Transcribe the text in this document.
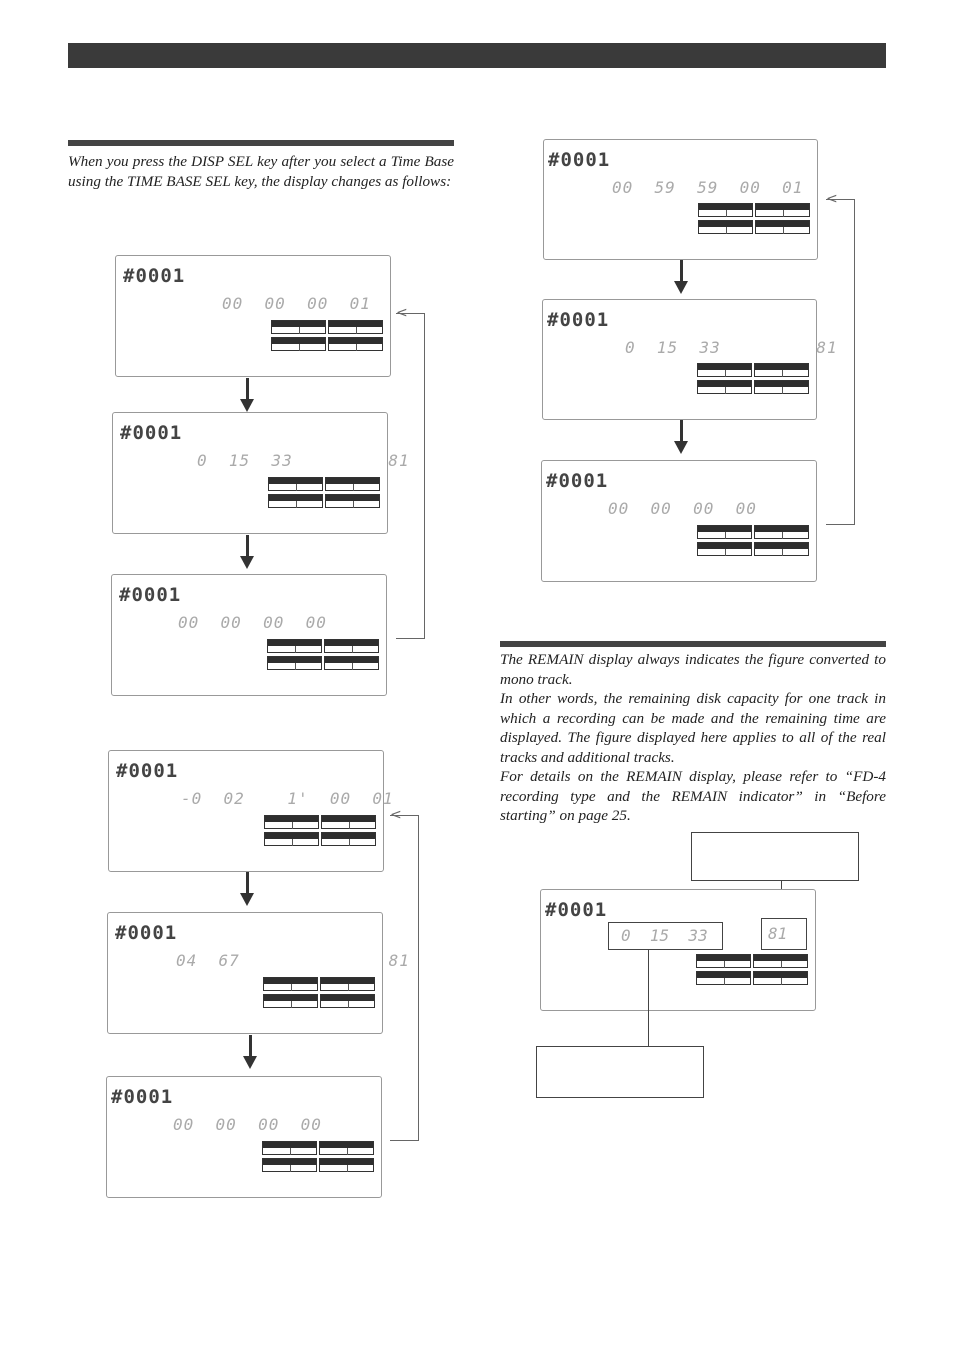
When you press the DISP SEL key after you select a Time Base using the TIME BASE SEL key, the display changes as follows:

#0001
00  00  00  01
#0001
0  15  33         81
#0001
00  00  00  00
<
#0001
-0  02    1'  00  01
#0001
04  67              81
#0001
00  00  00  00
<
#0001
00  59  59  00  01
#0001
0  15  33         81
#0001
00  00  00  00
<

The REMAIN display always indicates the figure converted to mono track.

In other words, the remaining disk capacity for one track in which a recording can be made and the remaining time are displayed. The figure displayed here applies to all of the real tracks and additional tracks.

For details on the REMAIN display, please refer to “FD-4 recording type and the REMAIN indicator” in “Before starting” on page 25.

#0001
0  15  33	81
